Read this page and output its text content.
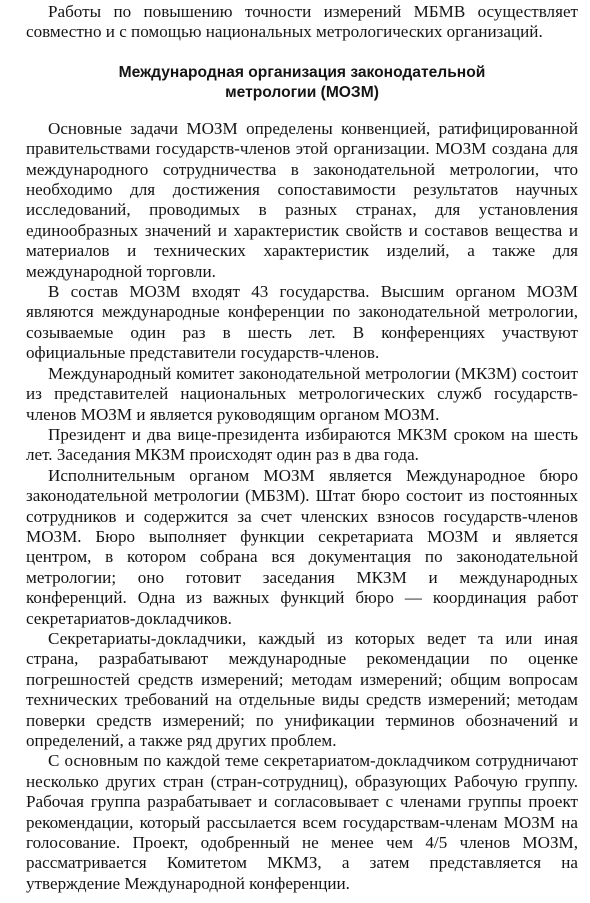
Работы по повышению точности измерений МБМВ осуществляет совместно и с помощью национальных метрологических организаций.

Международная организация законодательной
метрологии (МОЗМ)

Основные задачи МОЗМ определены конвенцией, ратифицированной правительствами государств-членов этой организации. МОЗМ создана для международного сотрудничества в законодательной метрологии, что необходимо для достижения сопоставимости результатов научных исследований, проводимых в разных странах, для установления единообразных значений и характеристик свойств и составов вещества и материалов и технических характеристик изделий, а также для международной торговли.

В состав МОЗМ входят 43 государства. Высшим органом МОЗМ являются международные конференции по законодательной метрологии, созываемые один раз в шесть лет. В конференциях участвуют официальные представители государств-членов.

Международный комитет законодательной метрологии (МКЗМ) состоит из представителей национальных метрологических служб государств-членов МОЗМ и является руководящим органом МОЗМ.

Президент и два вице-президента избираются МКЗМ сроком на шесть лет. Заседания МКЗМ происходят один раз в два года.

Исполнительным органом МОЗМ является Международное бюро законодательной метрологии (МБЗМ). Штат бюро состоит из постоянных сотрудников и содержится за счет членских взносов государств-членов МОЗМ. Бюро выполняет функции секретариата МОЗМ и является центром, в котором собрана вся документация по законодательной метрологии; оно готовит заседания МКЗМ и международных конференций. Одна из важных функций бюро — координация работ секретариатов-докладчиков.

Секретариаты-докладчики, каждый из которых ведет та или иная страна, разрабатывают международные рекомендации по оценке погрешностей средств измерений; методам измерений; общим вопросам технических требований на отдельные виды средств измерений; методам поверки средств измерений; по унификации терминов обозначений и определений, а также ряд других проблем.

С основным по каждой теме секретариатом-докладчиком сотрудничают несколько других стран (стран-сотрудниц), образующих Рабочую группу. Рабочая группа разрабатывает и согласовывает с членами группы проект рекомендации, который рассылается всем государствам-членам МОЗМ на голосование. Проект, одобренный не менее чем 4/5 членов МОЗМ, рассматривается Комитетом МКМЗ, а затем представляется на утверждение Международной конференции.
